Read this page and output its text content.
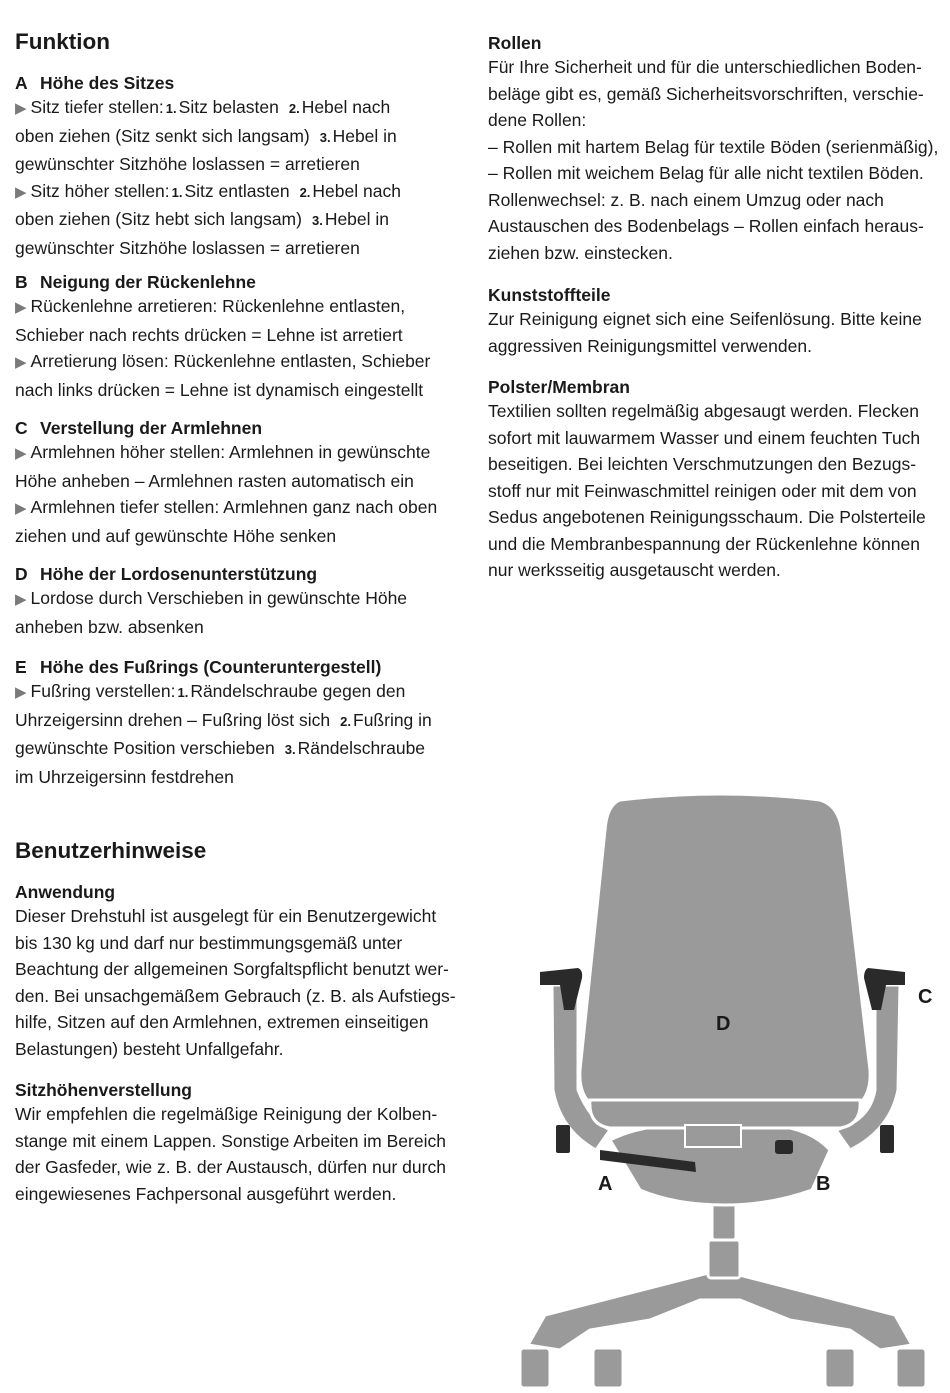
Funktion
A Höhe des Sitzes
▶ Sitz tiefer stellen: 1. Sitz belasten 2. Hebel nach
oben ziehen (Sitz senkt sich langsam) 3. Hebel in
gewünschter Sitzhöhe loslassen = arretieren
▶ Sitz höher stellen: 1. Sitz entlasten 2. Hebel nach
oben ziehen (Sitz hebt sich langsam) 3. Hebel in
gewünschter Sitzhöhe loslassen = arretieren
B Neigung der Rückenlehne
▶ Rückenlehne arretieren: Rückenlehne entlasten,
Schieber nach rechts drücken = Lehne ist arretiert
▶ Arretierung lösen: Rückenlehne entlasten, Schieber
nach links drücken = Lehne ist dynamisch eingestellt
C Verstellung der Armlehnen
▶ Armlehnen höher stellen: Armlehnen in gewünschte
Höhe anheben – Armlehnen rasten automatisch ein
▶ Armlehnen tiefer stellen: Armlehnen ganz nach oben
ziehen und auf gewünschte Höhe senken
D Höhe der Lordosenunterstützung
▶ Lordose durch Verschieben in gewünschte Höhe
anheben bzw. absenken
E Höhe des Fußrings (Counteruntergestell)
▶ Fußring verstellen: 1. Rändelschraube gegen den
Uhrzeigersinn drehen – Fußring löst sich 2. Fußring in
gewünschte Position verschieben 3. Rändelschraube
im Uhrzeigersinn festdrehen
Benutzerhinweise
Anwendung

Dieser Drehstuhl ist ausgelegt für ein Benutzergewicht

bis 130 kg und darf nur bestimmungsgemäß unter

Beachtung der allgemeinen Sorgfaltspflicht benutzt wer-

den. Bei unsachgemäßem Gebrauch (z. B. als Aufstiegs-

hilfe, Sitzen auf den Armlehnen, extremen einseitigen

Belastungen) besteht Unfallgefahr.

Sitzhöhenverstellung

Wir empfehlen die regelmäßige Reinigung der Kolben-

stange mit einem Lappen. Sonstige Arbeiten im Bereich

der Gasfeder, wie z. B. der Austausch, dürfen nur durch

eingewiesenes Fachpersonal ausgeführt werden.

Rollen

Für Ihre Sicherheit und für die unterschiedlichen Boden-

beläge gibt es, gemäß Sicherheitsvorschriften, verschie-

dene Rollen:

– Rollen mit hartem Belag für textile Böden (serienmäßig),

– Rollen mit weichem Belag für alle nicht textilen Böden.

Rollenwechsel: z. B. nach einem Umzug oder nach

Austauschen des Bodenbelags – Rollen einfach heraus-

ziehen bzw. einstecken.

Kunststoffteile

Zur Reinigung eignet sich eine Seifenlösung. Bitte keine

aggressiven Reinigungsmittel verwenden.

Polster/Membran

Textilien sollten regelmäßig abgesaugt werden. Flecken

sofort mit lauwarmem Wasser und einem feuchten Tuch

beseitigen. Bei leichten Verschmutzungen den Bezugs-

stoff nur mit Feinwaschmittel reinigen oder mit dem von

Sedus angebotenen Reinigungsschaum. Die Polsterteile

und die Membranbespannung der Rückenlehne können

nur werksseitig ausgetauscht werden.

A	B
C
D
